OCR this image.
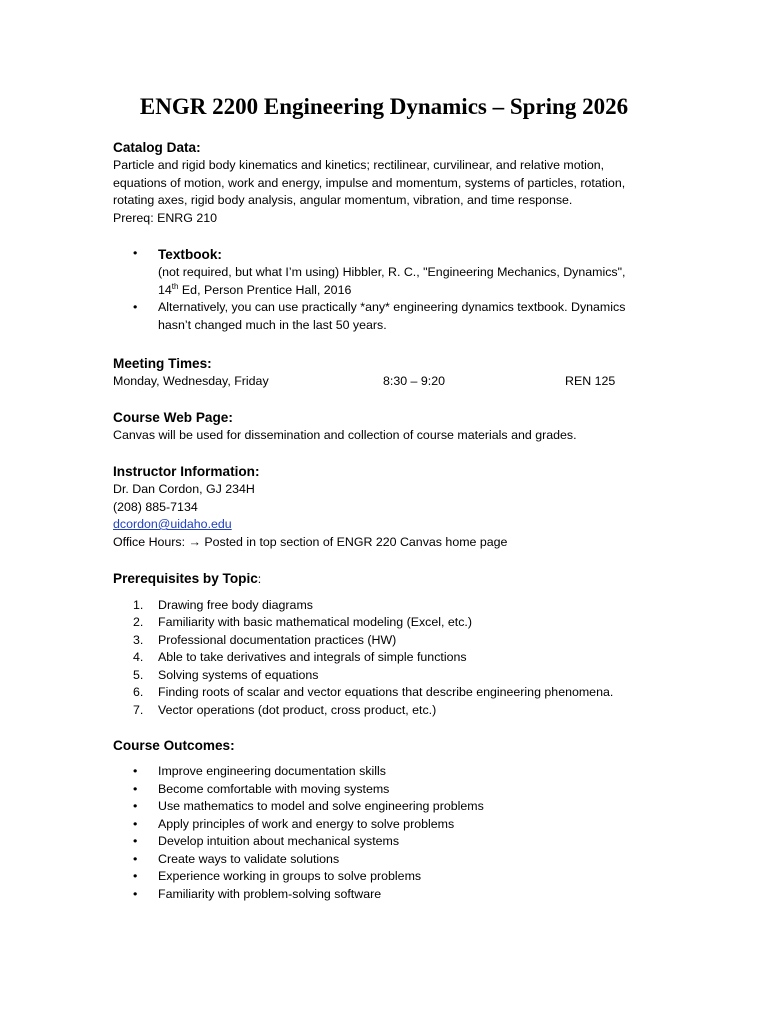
ENGR 2200 Engineering Dynamics – Spring 2026
Catalog Data:
Particle and rigid body kinematics and kinetics; rectilinear, curvilinear, and relative motion,
equations of motion, work and energy, impulse and momentum, systems of particles, rotation,
rotating axes, rigid body analysis, angular momentum, vibration, and time response.
Prereq: ENRG 210
•	Textbook:
(not required, but what I’m using) Hibbler, R. C., "Engineering Mechanics, Dynamics",
14th Ed, Person Prentice Hall, 2016
•	Alternatively, you can use practically *any* engineering dynamics textbook. Dynamics
hasn’t changed much in the last 50 years.
Meeting Times:
Monday, Wednesday, Friday	8:30 – 9:20	REN 125
Course Web Page:
Canvas will be used for dissemination and collection of course materials and grades.
Instructor Information:
Dr. Dan Cordon, GJ 234H
(208) 885-7134
dcordon@uidaho.edu
Office Hours: → Posted in top section of ENGR 220 Canvas home page
Prerequisites by Topic:
1.	Drawing free body diagrams
2.	Familiarity with basic mathematical modeling (Excel, etc.)
3.	Professional documentation practices (HW)
4.	Able to take derivatives and integrals of simple functions
5.	Solving systems of equations
6.	Finding roots of scalar and vector equations that describe engineering phenomena.
7.	Vector operations (dot product, cross product, etc.)
Course Outcomes:
•	Improve engineering documentation skills
•	Become comfortable with moving systems
•	Use mathematics to model and solve engineering problems
•	Apply principles of work and energy to solve problems
•	Develop intuition about mechanical systems
•	Create ways to validate solutions
•	Experience working in groups to solve problems
•	Familiarity with problem-solving software
